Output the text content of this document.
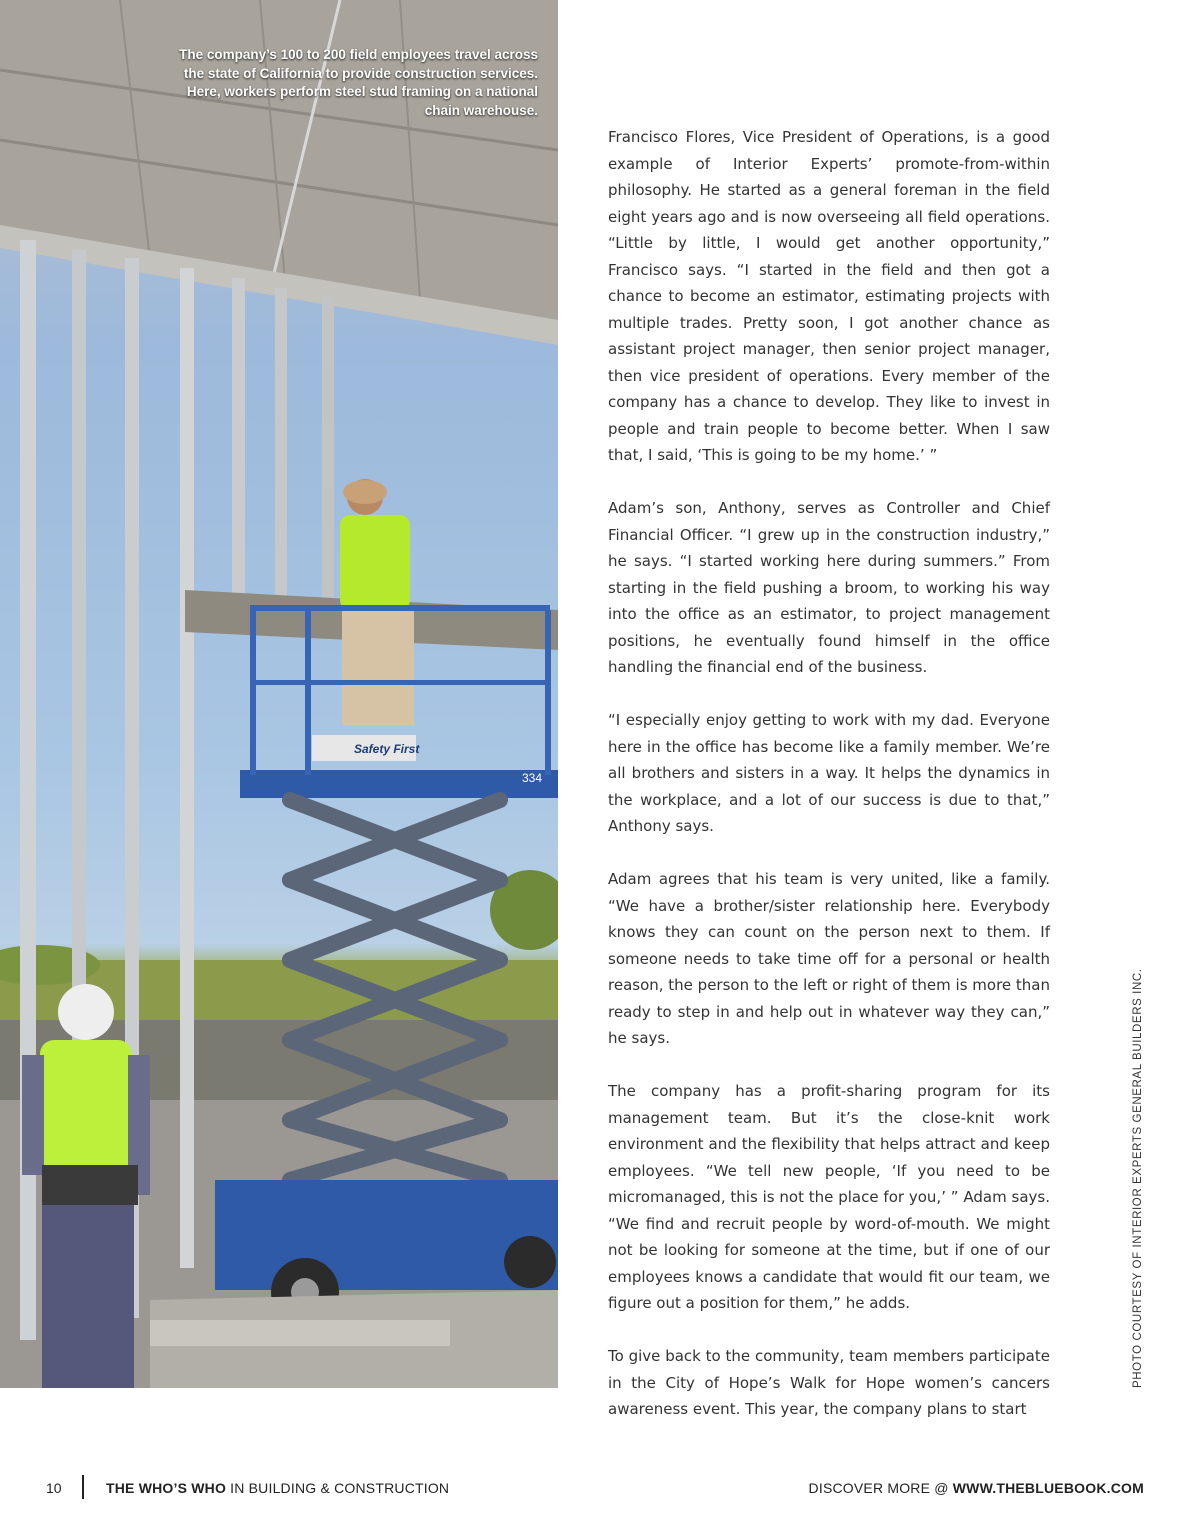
Safety First
334
The company’s 100 to 200 field employees travel across the state of California to provide construction services. Here, workers perform steel stud framing on a national chain warehouse.

Francisco Flores, Vice President of Operations, is a good example of Interior Experts’ promote-from-within philosophy. He started as a general foreman in the field eight years ago and is now overseeing all field operations. “Little by little, I would get another opportunity,” Francisco says. “I started in the field and then got a chance to become an estimator, estimating projects with multiple trades. Pretty soon, I got another chance as assistant project manager, then senior project manager, then vice president of operations. Every member of the company has a chance to develop. They like to invest in people and train people to become better. When I saw that, I said, ‘This is going to be my home.’ ”

Adam’s son, Anthony, serves as Controller and Chief Financial Officer. “I grew up in the construction industry,” he says. “I started working here during summers.” From starting in the field pushing a broom, to working his way into the office as an estimator, to project management positions, he eventually found himself in the office handling the financial end of the business.

“I especially enjoy getting to work with my dad. Everyone here in the office has become like a family member. We’re all brothers and sisters in a way. It helps the dynamics in the workplace, and a lot of our success is due to that,” Anthony says.

Adam agrees that his team is very united, like a family. “We have a brother/sister relationship here. Everybody knows they can count on the person next to them. If someone needs to take time off for a personal or health reason, the person to the left or right of them is more than ready to step in and help out in whatever way they can,” he says.

The company has a profit-sharing program for its management team. But it’s the close-knit work environment and the flexibility that helps attract and keep employees. “We tell new people, ‘If you need to be micromanaged, this is not the place for you,’ ” Adam says. “We find and recruit people by word-of-mouth. We might not be looking for someone at the time, but if one of our employees knows a candidate that would fit our team, we figure out a position for them,” he adds.

To give back to the community, team members participate in the City of Hope’s Walk for Hope women’s cancers awareness event. This year, the company plans to start

PHOTO COURTESY OF INTERIOR EXPERTS GENERAL BUILDERS INC.
10	THE WHO’S WHO IN BUILDING & CONSTRUCTION	DISCOVER MORE @ WWW.THEBLUEBOOK.COM
